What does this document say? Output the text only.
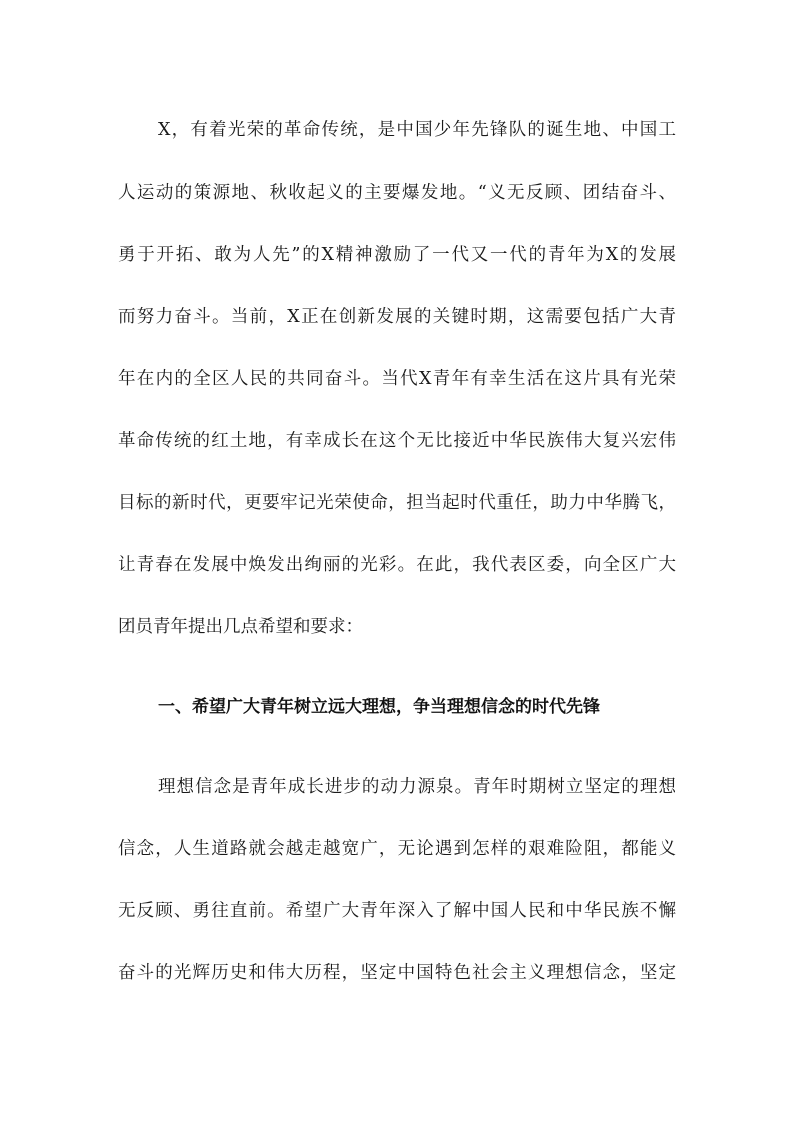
X，有着光荣的革命传统，是中国少年先锋队的诞生地、中国工
人运动的策源地、秋收起义的主要爆发地。“义无反顾、团结奋斗、
勇于开拓、敢为人先”的X精神激励了一代又一代的青年为X的发展
而努力奋斗。当前，X正在创新发展的关键时期，这需要包括广大青
年在内的全区人民的共同奋斗。当代X青年有幸生活在这片具有光荣
革命传统的红土地，有幸成长在这个无比接近中华民族伟大复兴宏伟
目标的新时代，更要牢记光荣使命，担当起时代重任，助力中华腾飞，
让青春在发展中焕发出绚丽的光彩。在此，我代表区委，向全区广大
团员青年提出几点希望和要求：
一、希望广大青年树立远大理想，争当理想信念的时代先锋
理想信念是青年成长进步的动力源泉。青年时期树立坚定的理想
信念，人生道路就会越走越宽广，无论遇到怎样的艰难险阻，都能义
无反顾、勇往直前。希望广大青年深入了解中国人民和中华民族不懈
奋斗的光辉历史和伟大历程，坚定中国特色社会主义理想信念，坚定
